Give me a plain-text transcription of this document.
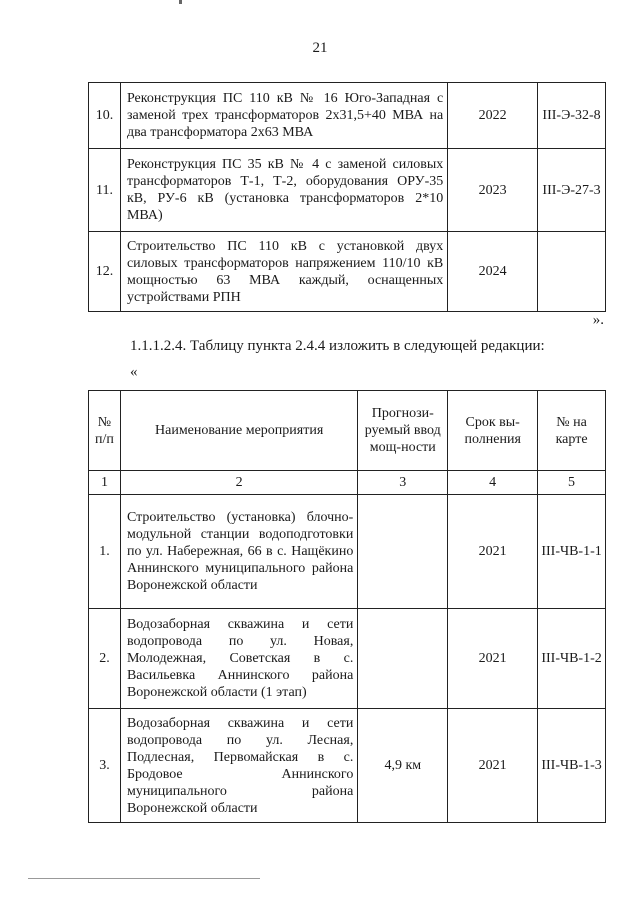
21
10.	Реконструкция ПС 110 кВ № 16 Юго-Западная с заменой трех трансформаторов 2х31,5+40 МВА на два трансформатора 2х63 МВА	2022	III-Э-32-8
11.	Реконструкция ПС 35 кВ № 4 с заменой силовых трансформаторов Т-1, Т-2, оборудования ОРУ-35 кВ, РУ-6 кВ (установка трансформаторов 2*10 МВА)	2023	III-Э-27-3
12.	Строительство ПС 110 кВ с установкой двух силовых трансформаторов напряжением 110/10 кВ мощностью 63 МВА каждый, оснащенных устройствами РПН	2024	
».
1.1.1.2.4. Таблицу пункта 2.4.4 изложить в следующей редакции:
«
№ п/п	Наименование мероприятия	Прогнози-руемый ввод мощ-ности	Срок вы-полнения	№ на карте
1	2	3	4	5
1.	Строительство (установка) блочно-модульной станции водоподготовки по ул. Набережная, 66 в с. Нащёкино Аннинского муниципального района Воронежской области		2021	III-ЧВ-1-1
2.	Водозаборная скважина и сети водопровода по ул. Новая, Молодежная, Советская в с. Васильевка Аннинского района Воронежской области (1 этап)		2021	III-ЧВ-1-2
3.	Водозаборная скважина и сети водопровода по ул. Лесная, Подлесная, Первомайская в с. Бродовое Аннинского муниципального района Воронежской области	4,9 км	2021	III-ЧВ-1-3
